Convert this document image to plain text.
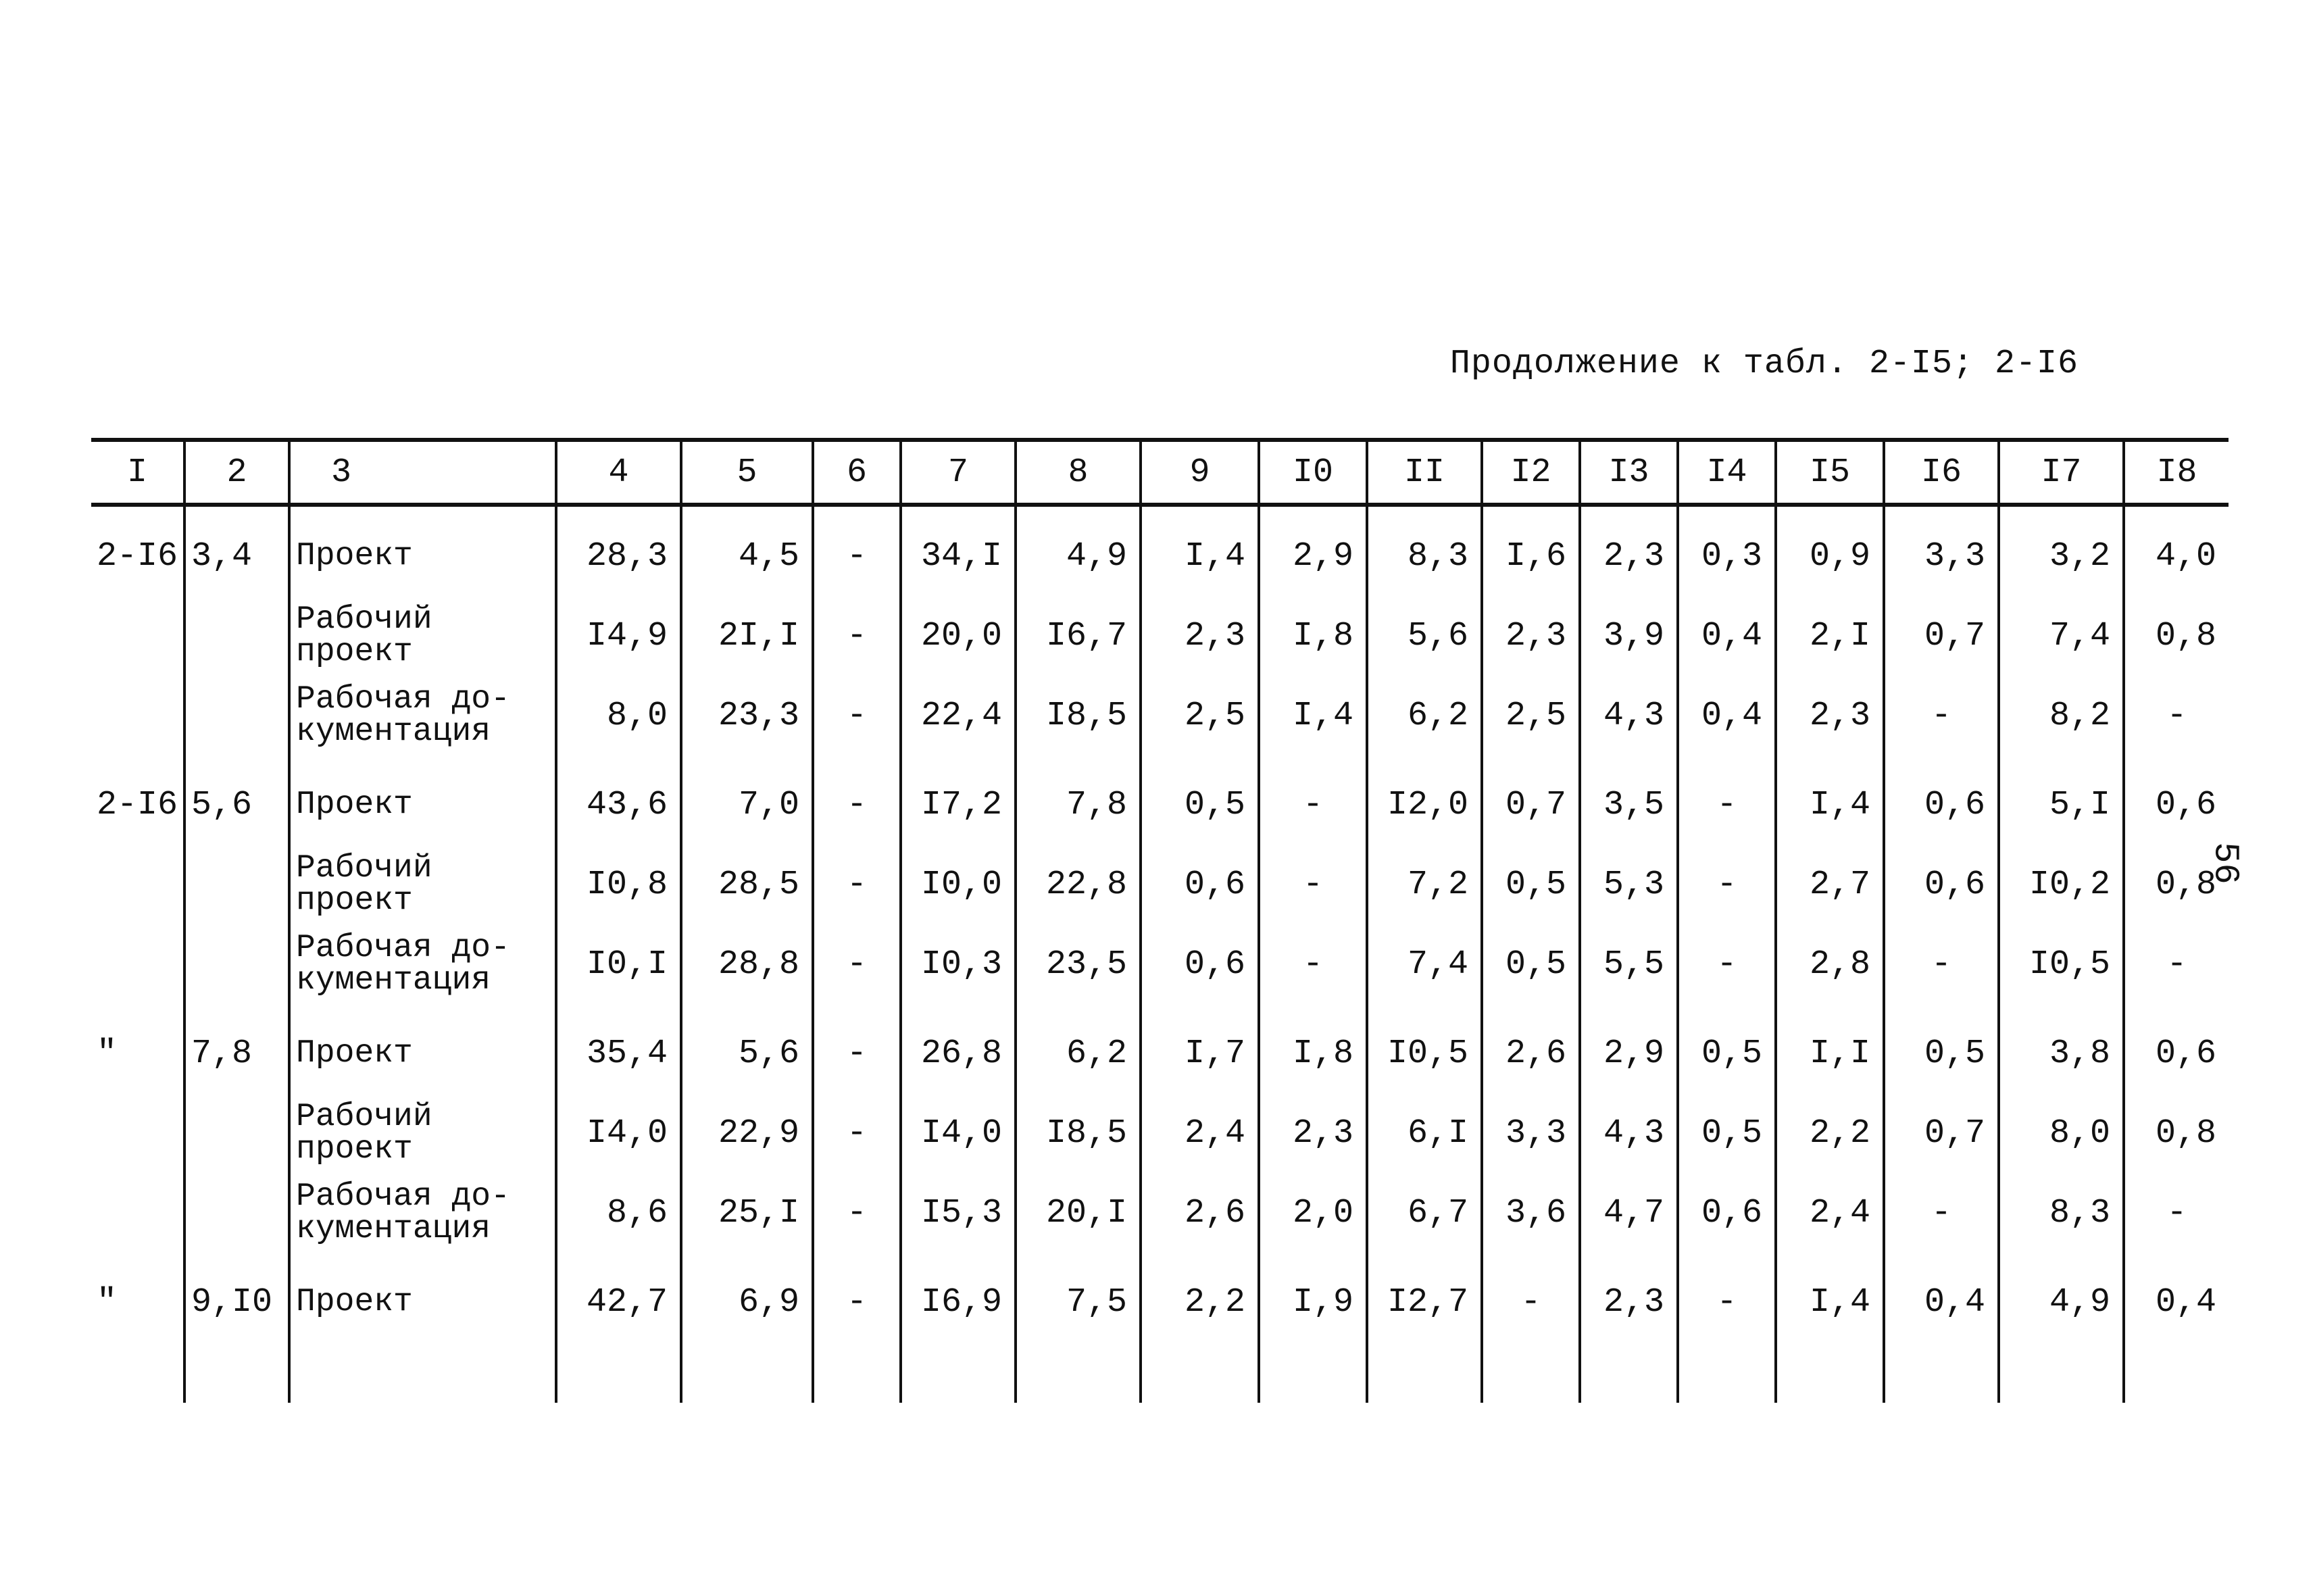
Продолжение к табл. 2-I5; 2-I6
56
I	2	3	4	5	6	7	8	9	I0	II	I2	I3	I4	I5	I6	I7	I8
2-I6	3,4	Проект	28,3	4,5	-	34,I	4,9	I,4	2,9	8,3	I,6	2,3	0,3	0,9	3,3	3,2	4,0
		Рабочий проект	I4,9	2I,I	-	20,0	I6,7	2,3	I,8	5,6	2,3	3,9	0,4	2,I	0,7	7,4	0,8
		Рабочая до-кументация	8,0	23,3	-	22,4	I8,5	2,5	I,4	6,2	2,5	4,3	0,4	2,3	-	8,2	-
2-I6	5,6	Проект	43,6	7,0	-	I7,2	7,8	0,5	-	I2,0	0,7	3,5	-	I,4	0,6	5,I	0,6
		Рабочий проект	I0,8	28,5	-	I0,0	22,8	0,6	-	7,2	0,5	5,3	-	2,7	0,6	I0,2	0,8
		Рабочая до-кументация	I0,I	28,8	-	I0,3	23,5	0,6	-	7,4	0,5	5,5	-	2,8	-	I0,5	-
"	7,8	Проект	35,4	5,6	-	26,8	6,2	I,7	I,8	I0,5	2,6	2,9	0,5	I,I	0,5	3,8	0,6
		Рабочий проект	I4,0	22,9	-	I4,0	I8,5	2,4	2,3	6,I	3,3	4,3	0,5	2,2	0,7	8,0	0,8
		Рабочая до-кументация	8,6	25,I	-	I5,3	20,I	2,6	2,0	6,7	3,6	4,7	0,6	2,4	-	8,3	-
"	9,I0	Проект	42,7	6,9	-	I6,9	7,5	2,2	I,9	I2,7	-	2,3	-	I,4	0,4	4,9	0,4
